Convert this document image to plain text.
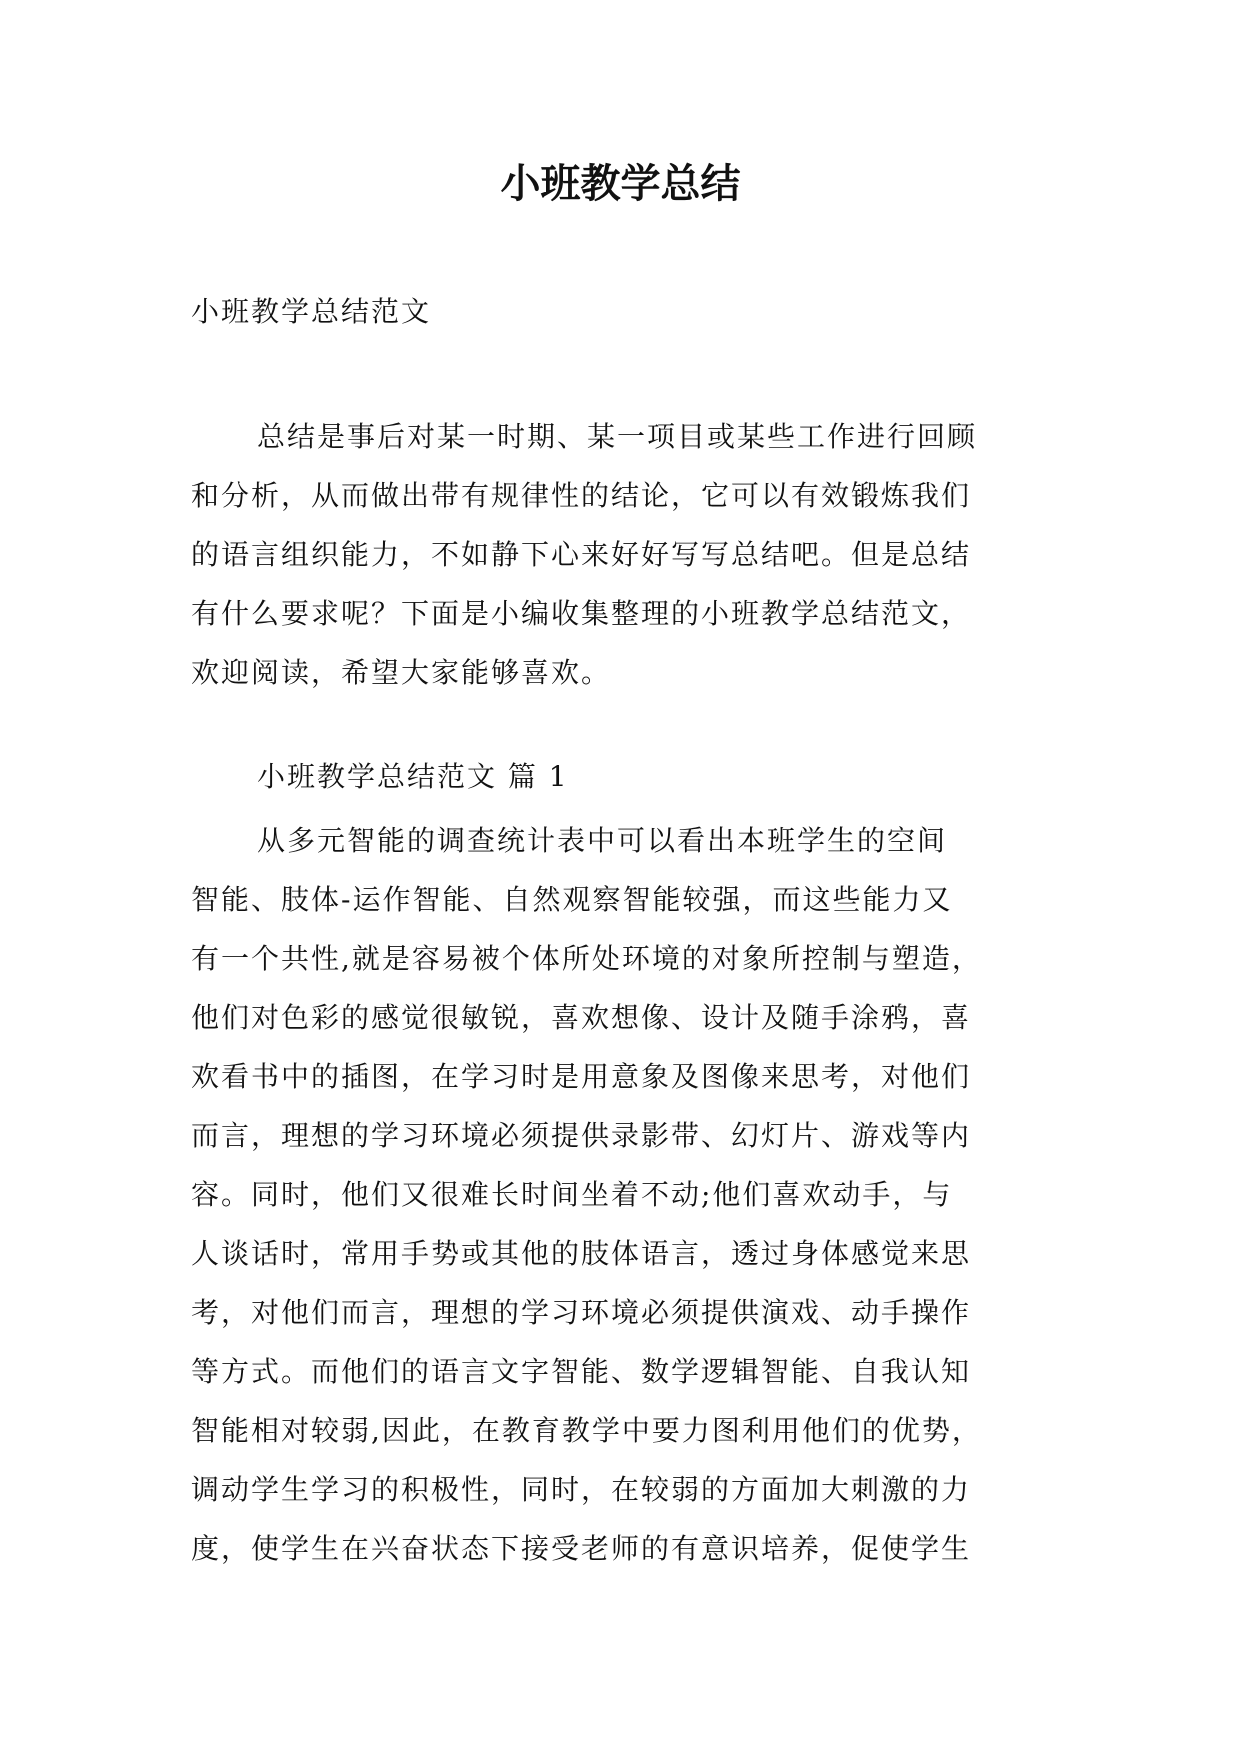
小班教学总结

小班教学总结范文

总结是事后对某一时期、某一项目或某些工作进行回顾
和分析，从而做出带有规律性的结论，它可以有效锻炼我们
的语言组织能力，不如静下心来好好写写总结吧。但是总结
有什么要求呢？下面是小编收集整理的小班教学总结范文，
欢迎阅读，希望大家能够喜欢。

小班教学总结范文 篇 1

从多元智能的调查统计表中可以看出本班学生的空间
智能、肢体-运作智能、自然观察智能较强，而这些能力又
有一个共性,就是容易被个体所处环境的对象所控制与塑造，
他们对色彩的感觉很敏锐，喜欢想像、设计及随手涂鸦，喜
欢看书中的插图，在学习时是用意象及图像来思考，对他们
而言，理想的学习环境必须提供录影带、幻灯片、游戏等内
容。同时，他们又很难长时间坐着不动;他们喜欢动手，与
人谈话时，常用手势或其他的肢体语言，透过身体感觉来思
考，对他们而言，理想的学习环境必须提供演戏、动手操作
等方式。而他们的语言文字智能、数学逻辑智能、自我认知
智能相对较弱,因此，在教育教学中要力图利用他们的优势，
调动学生学习的积极性，同时，在较弱的方面加大刺激的力
度，使学生在兴奋状态下接受老师的有意识培养，促使学生
